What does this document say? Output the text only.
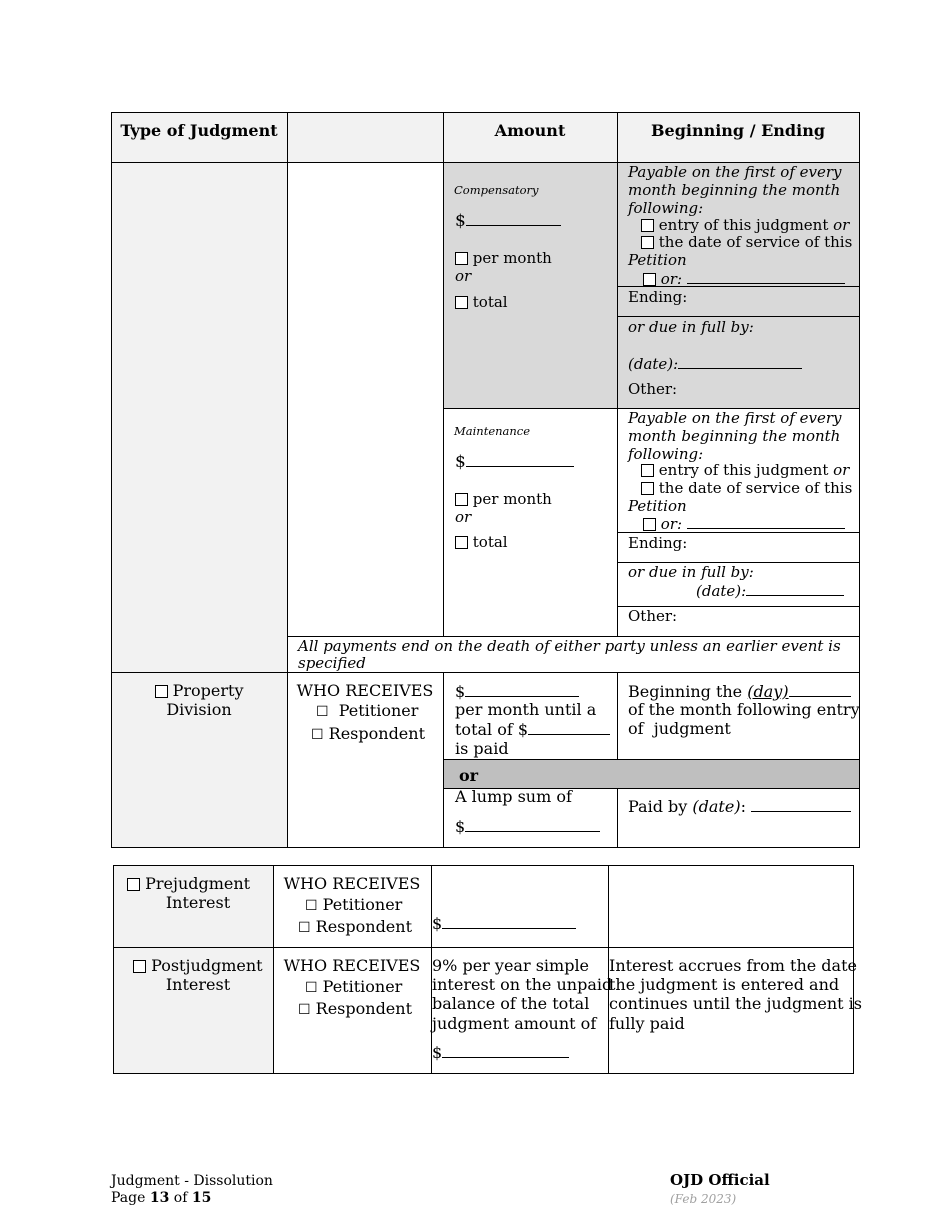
Type of Judgment	Amount	Beginning / Ending
Compensatory
$
per month
or
total
Payable on the first of every
month beginning the month
following:
entry of this judgment or
the date of service of this
Petition
or:
Ending:
or due in full by:
(date):
Other:
Maintenance
$
per month
or
total
Payable on the first of every
month beginning the month
following:
entry of this judgment or
the date of service of this
Petition
or:
Ending:
or due in full by:
(date):
Other:
All payments end on the death of either party unless an earlier event is
specified
Property
Division
WHO RECEIVES
☐ Petitioner
☐ Respondent
$
per month until a
total of $
is paid
Beginning the (day)
of the month following entry
of  judgment
or
A lump sum of
$
Paid by (date):
Prejudgment
Interest
WHO RECEIVES
☐ Petitioner
☐ Respondent $
Postjudgment
Interest
WHO RECEIVES
☐ Petitioner
☐ Respondent
9% per year simple
interest on the unpaid
balance of the total
judgment amount of
$
Interest accrues from the date
the judgment is entered and
continues until the judgment is
fully paid
Judgment - Dissolution
Page 13 of 15
OJD Official
(Feb 2023)
